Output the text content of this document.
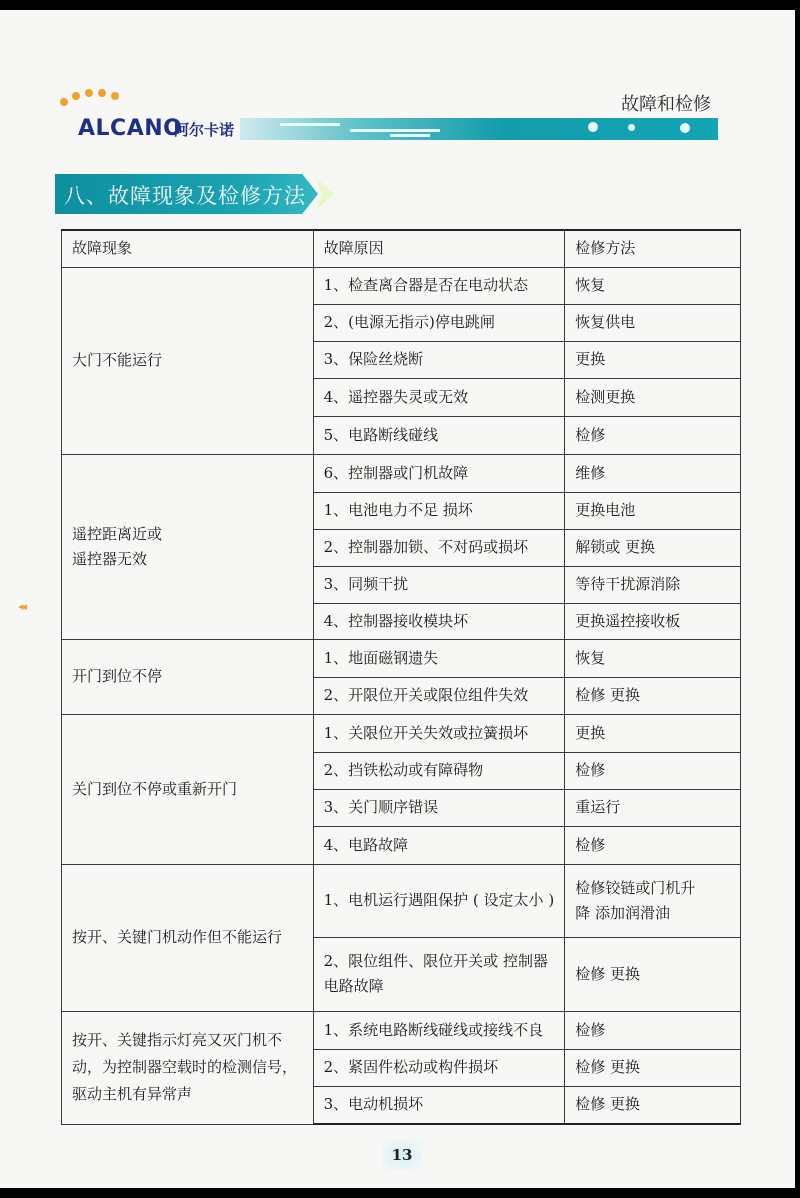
ALCANO
阿尔卡诺
故障和检修
八、故障现象及检修方法
◂◂
故障现象	故障原因	检修方法
大门不能运行	1、检查离合器是否在电动状态	恢复
	2、(电源无指示)停电跳闸	恢复供电
	3、保险丝烧断	更换
	4、遥控器失灵或无效	检测更换
	5、电路断线碰线	检修
遥控距离近或
遥控器无效	6、控制器或门机故障	维修
	1、电池电力不足 损坏	更换电池
	2、控制器加锁、不对码或损坏	解锁或 更换
	3、同频干扰	等待干扰源消除
	4、控制器接收模块坏	更换遥控接收板
开门到位不停	1、地面磁钢遗失	恢复
	2、开限位开关或限位组件失效	检修 更换
关门到位不停或重新开门	1、关限位开关失效或拉簧损坏	更换
	2、挡铁松动或有障碍物	检修
	3、关门顺序错误	重运行
	4、电路故障	检修
按开、关键门机动作但不能运行	1、电机运行遇阻保护 ( 设定太小 )	检修铰链或门机升
降 添加润滑油
	2、限位组件、限位开关或 控制器
电路故障	检修 更换
按开、关键指示灯亮又灭门机不
动，为控制器空载时的检测信号，
驱动主机有异常声	1、系统电路断线碰线或接线不良	检修
	2、紧固件松动或构件损坏	检修 更换
	3、电动机损坏	检修 更换
13
